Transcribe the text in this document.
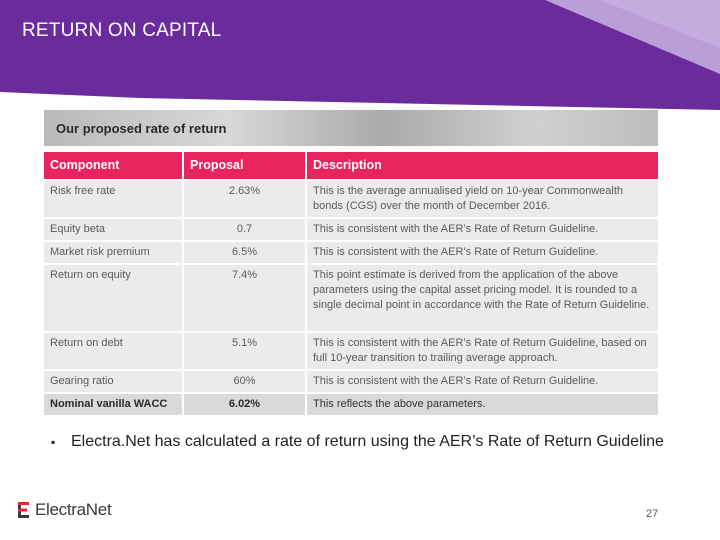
RETURN ON CAPITAL
Our proposed rate of return
Component	Proposal	Description
Risk free rate	2.63%	This is the average annualised yield on 10-year Commonwealth bonds (CGS) over the month of December 2016.
Equity beta	0.7	This is consistent with the AER’s Rate of Return Guideline.
Market risk premium	6.5%	This is consistent with the AER’s Rate of Return Guideline.
Return on equity	7.4%	This point estimate is derived from the application of the above parameters using the capital asset pricing model. It is rounded to a single decimal point in accordance with the Rate of Return Guideline.
Return on debt	5.1%	This is consistent with the AER’s Rate of Return Guideline, based on full 10-year transition to trailing average approach.
Gearing ratio	60%	This is consistent with the AER’s Rate of Return Guideline.
Nominal vanilla WACC	6.02%	This reflects the above parameters.
▪ Electra.Net has calculated a rate of return using the AER’s Rate of Return Guideline
ElectraNet	27
